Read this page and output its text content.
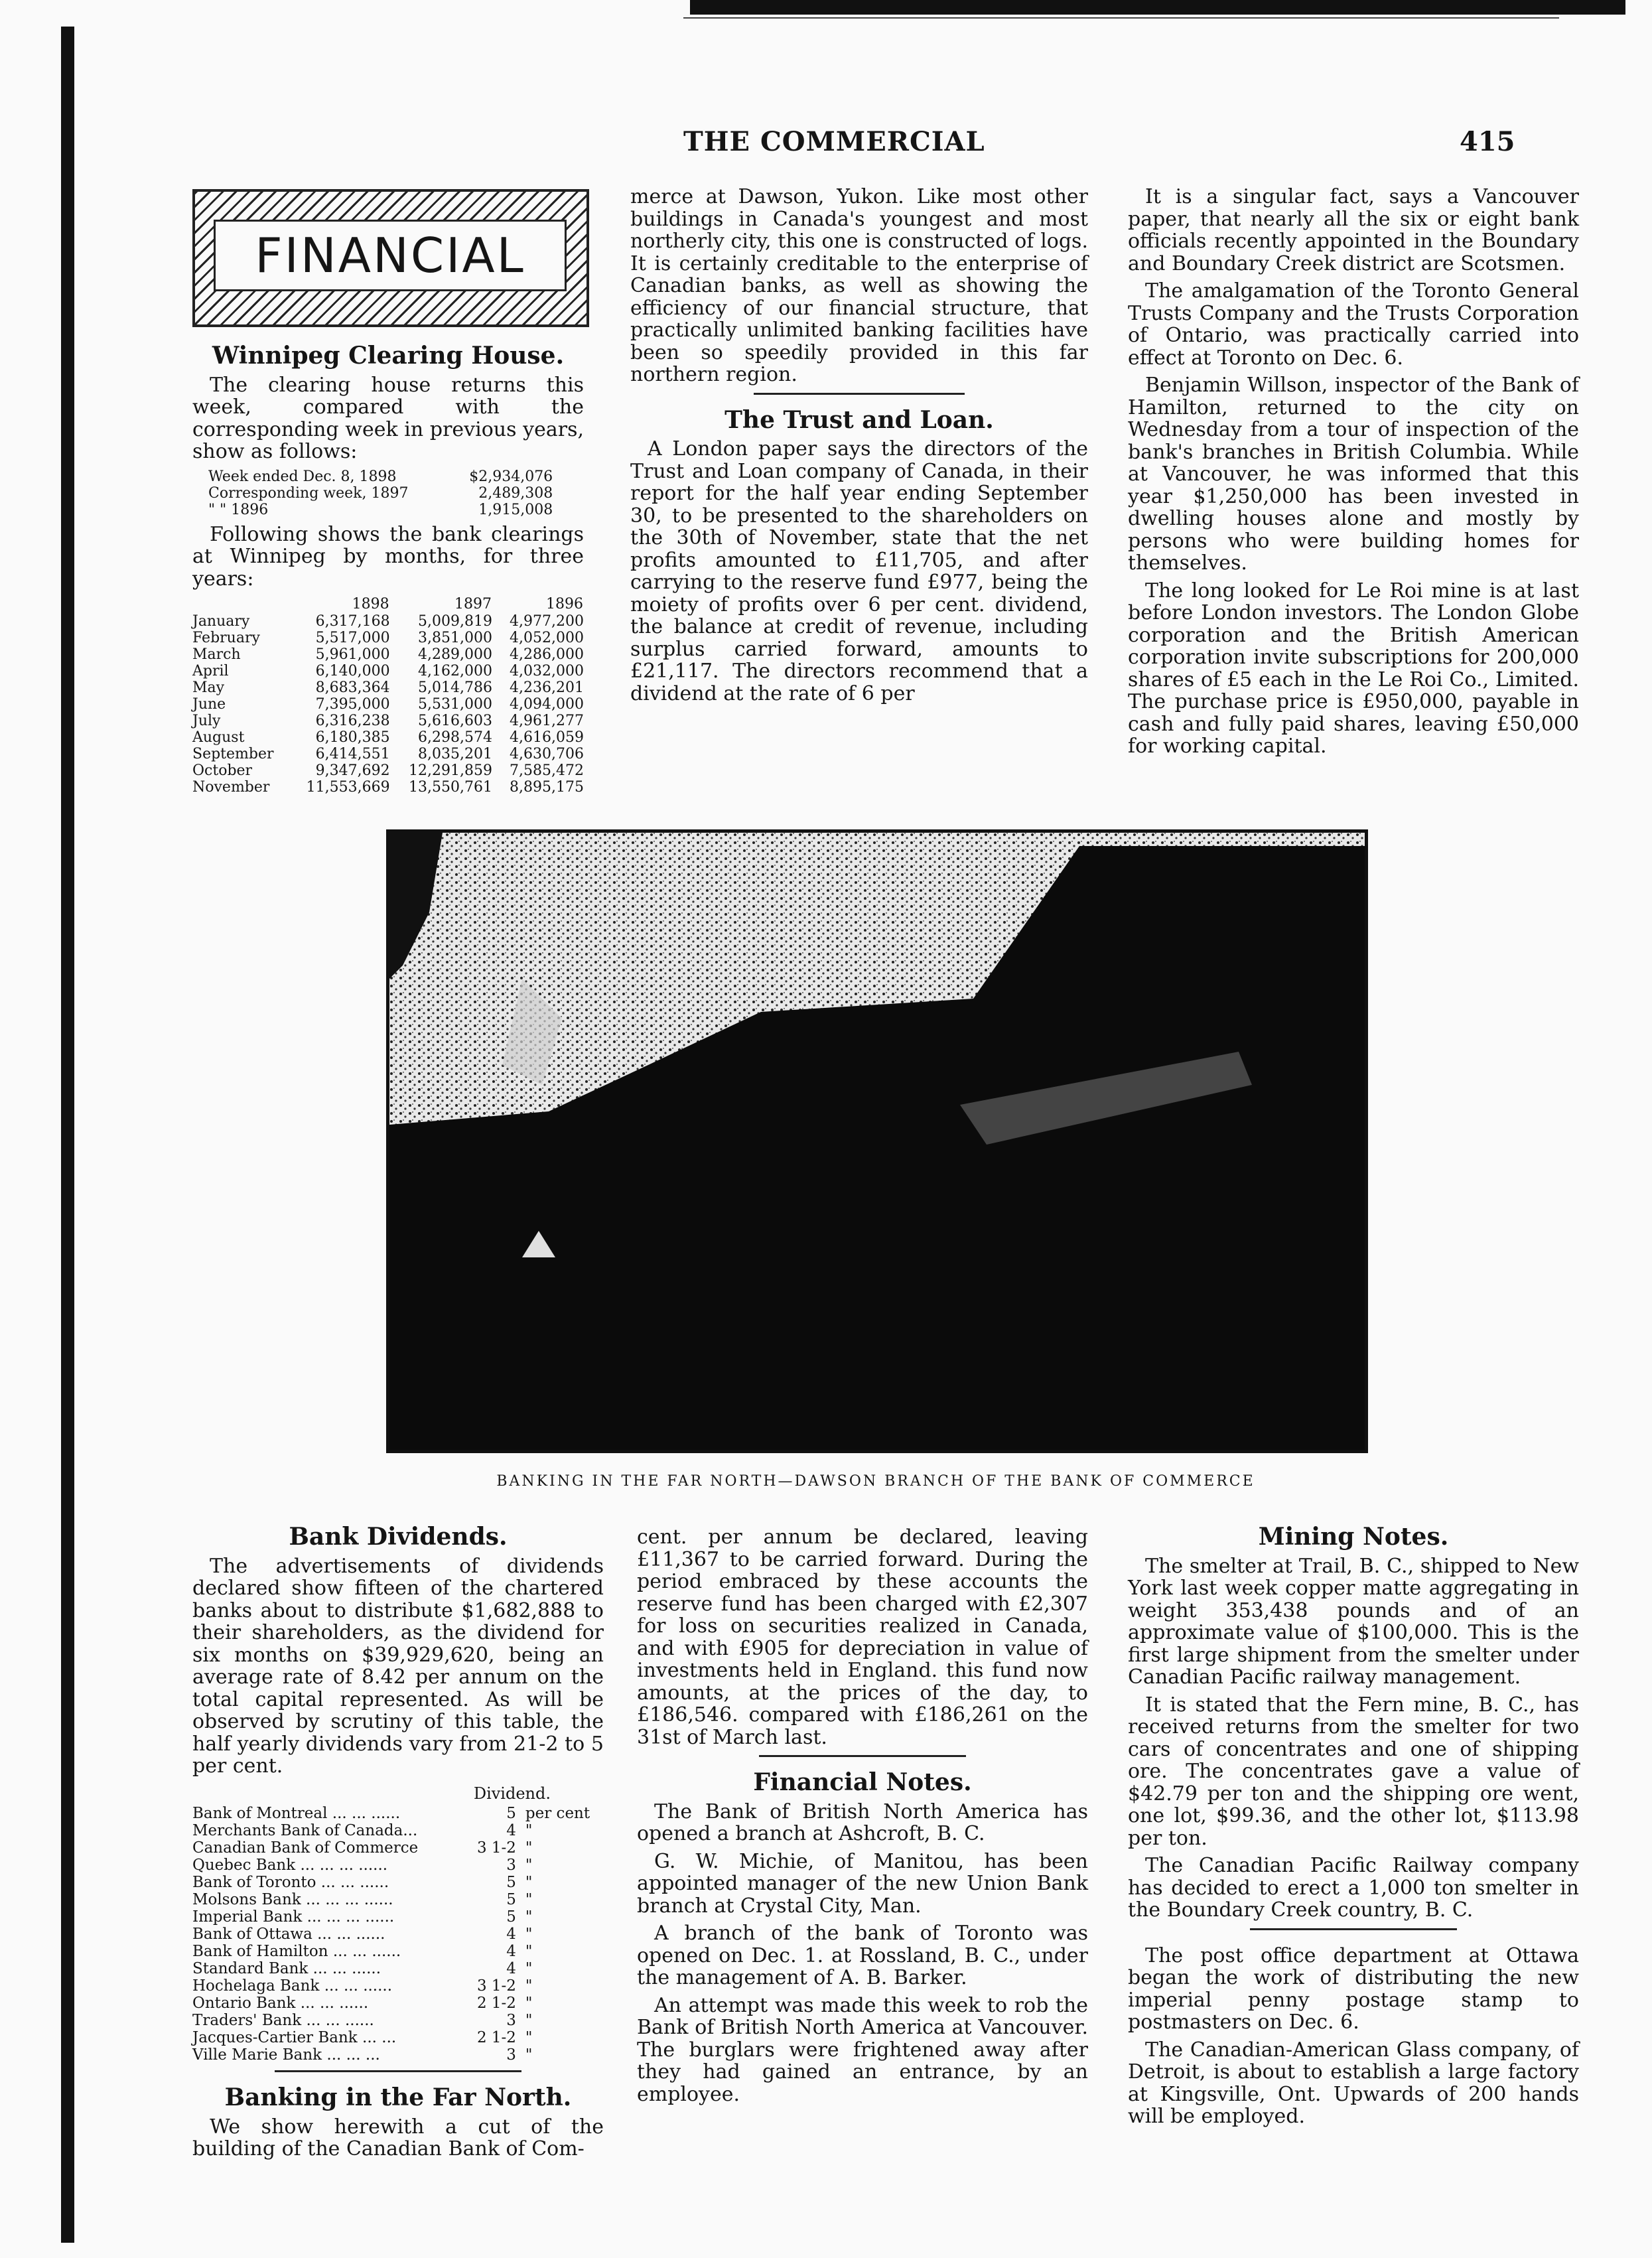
THE COMMERCIAL	415
FINANCIAL
Winnipeg Clearing House.

The clearing house returns this week, compared with the corresponding week in previous years, show as follows:

Week ended Dec. 8, 1898	$2,934,076
Corresponding week, 1897	2,489,308
" " 1896	1,915,008

Following shows the bank clearings at Winnipeg by months, for three years:

	1898	1897	1896
January	6,317,168	5,009,819	4,977,200
February	5,517,000	3,851,000	4,052,000
March	5,961,000	4,289,000	4,286,000
April	6,140,000	4,162,000	4,032,000
May	8,683,364	5,014,786	4,236,201
June	7,395,000	5,531,000	4,094,000
July	6,316,238	5,616,603	4,961,277
August	6,180,385	6,298,574	4,616,059
September	6,414,551	8,035,201	4,630,706
October	9,347,692	12,291,859	7,585,472
November	11,553,669	13,550,761	8,895,175

merce at Dawson, Yukon. Like most other buildings in Canada's youngest and most northerly city, this one is constructed of logs. It is certainly creditable to the enterprise of Canadian banks, as well as showing the efficiency of our financial structure, that practically unlimited banking facilities have been so speedily provided in this far northern region.

The Trust and Loan.

A London paper says the directors of the Trust and Loan company of Canada, in their report for the half year ending September 30, to be presented to the shareholders on the 30th of November, state that the net profits amounted to £11,705, and after carrying to the reserve fund £977, being the moiety of profits over 6 per cent. dividend, the balance at credit of revenue, including surplus carried forward, amounts to £21,117. The directors recommend that a dividend at the rate of 6 per

It is a singular fact, says a Vancouver paper, that nearly all the six or eight bank officials recently appointed in the Boundary and Boundary Creek district are Scotsmen.

The amalgamation of the Toronto General Trusts Company and the Trusts Corporation of Ontario, was practically carried into effect at Toronto on Dec. 6.

Benjamin Willson, inspector of the Bank of Hamilton, returned to the city on Wednesday from a tour of inspection of the bank's branches in British Columbia. While at Vancouver, he was informed that this year $1,250,000 has been invested in dwelling houses alone and mostly by persons who were building homes for themselves.

The long looked for Le Roi mine is at last before London investors. The London Globe corporation and the British American corporation invite subscriptions for 200,000 shares of £5 each in the Le Roi Co., Limited. The purchase price is £950,000, payable in cash and fully paid shares, leaving £50,000 for working capital.

BANKING IN THE FAR NORTH—DAWSON BRANCH OF THE BANK OF COMMERCE
Bank Dividends.

The advertisements of dividends declared show fifteen of the chartered banks about to distribute $1,682,888 to their shareholders, as the dividend for six months on $39,929,620, being an average rate of 8.42 per annum on the total capital represented. As will be observed by scrutiny of this table, the half yearly dividends vary from 21-2 to 5 per cent.

Dividend.
Bank of Montreal ... ... ......	5	per cent
Merchants Bank of Canada...	4	"
Canadian Bank of Commerce	3 1-2	"
Quebec Bank ... ... ... ......	3	"
Bank of Toronto ... ... ......	5	"
Molsons Bank ... ... ... ......	5	"
Imperial Bank ... ... ... ......	5	"
Bank of Ottawa ... ... ......	4	"
Bank of Hamilton ... ... ......	4	"
Standard Bank ... ... ......	4	"
Hochelaga Bank ... ... ......	3 1-2	"
Ontario Bank ... ... ......	2 1-2	"
Traders' Bank ... ... ......	3	"
Jacques-Cartier Bank ... ...	2 1-2	"
Ville Marie Bank ... ... ...	3	"
Banking in the Far North.

We show herewith a cut of the building of the Canadian Bank of Com-

cent. per annum be declared, leaving £11,367 to be carried forward. During the period embraced by these accounts the reserve fund has been charged with £2,307 for loss on securities realized in Canada, and with £905 for depreciation in value of investments held in England. this fund now amounts, at the prices of the day, to £186,546. compared with £186,261 on the 31st of March last.

Financial Notes.

The Bank of British North America has opened a branch at Ashcroft, B. C.

G. W. Michie, of Manitou, has been appointed manager of the new Union Bank branch at Crystal City, Man.

A branch of the bank of Toronto was opened on Dec. 1. at Rossland, B. C., under the management of A. B. Barker.

An attempt was made this week to rob the Bank of British North America at Vancouver. The burglars were frightened away after they had gained an entrance, by an employee.

Mining Notes.

The smelter at Trail, B. C., shipped to New York last week copper matte aggregating in weight 353,438 pounds and of an approximate value of $100,000. This is the first large shipment from the smelter under Canadian Pacific railway management.

It is stated that the Fern mine, B. C., has received returns from the smelter for two cars of concentrates and one of shipping ore. The concentrates gave a value of $42.79 per ton and the shipping ore went, one lot, $99.36, and the other lot, $113.98 per ton.

The Canadian Pacific Railway company has decided to erect a 1,000 ton smelter in the Boundary Creek country, B. C.

The post office department at Ottawa began the work of distributing the new imperial penny postage stamp to postmasters on Dec. 6.

The Canadian-American Glass company, of Detroit, is about to establish a large factory at Kingsville, Ont. Upwards of 200 hands will be employed.
